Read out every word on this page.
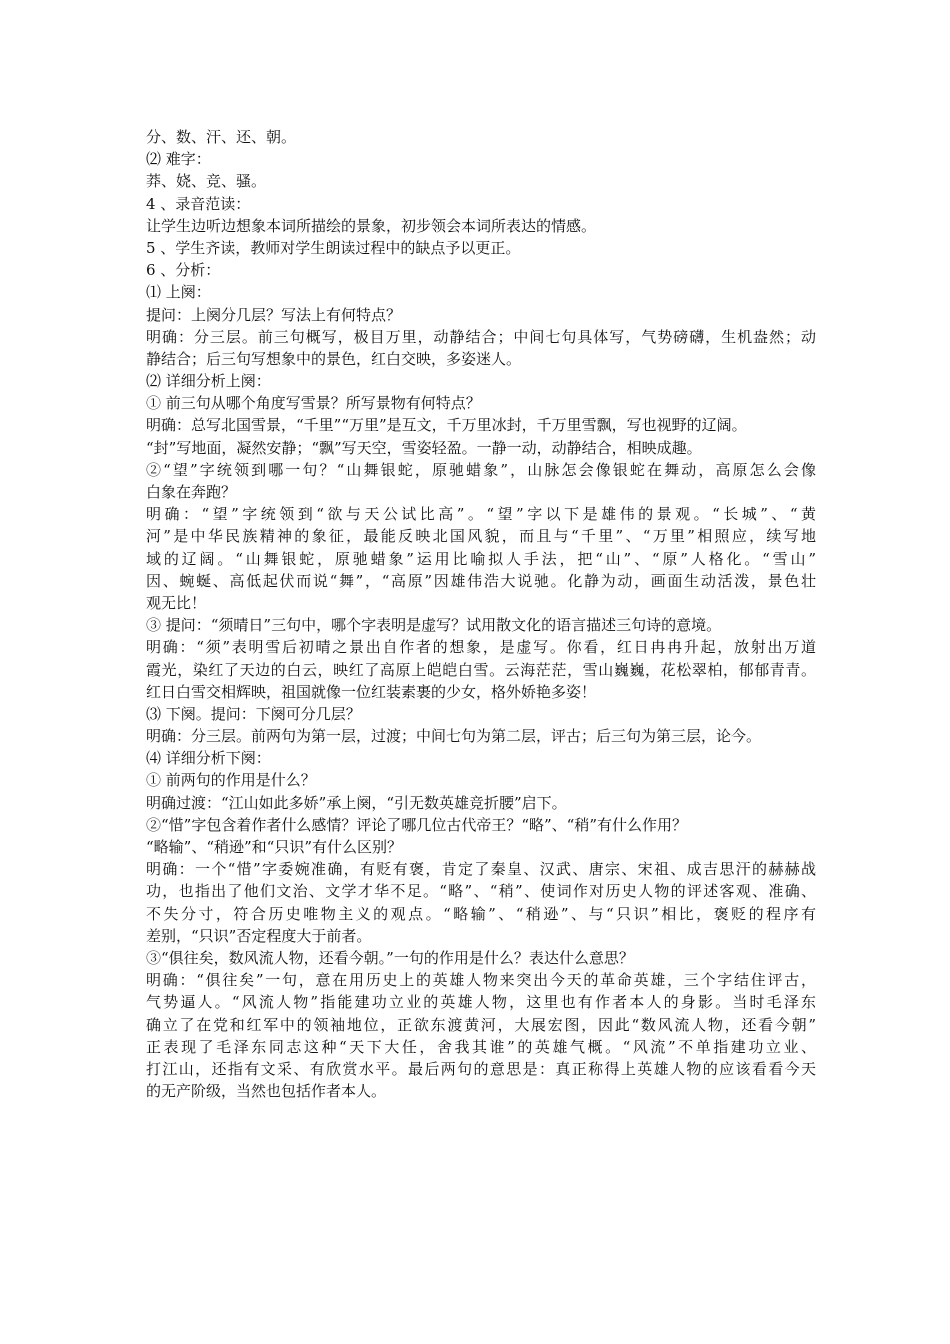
分、数、汗、还、朝。
⑵ 难字：
莽、娆、竞、骚。
4 、录音范读：
让学生边听边想象本词所描绘的景象，初步领会本词所表达的情感。
5 、学生齐读，教师对学生朗读过程中的缺点予以更正。
6 、分析：
⑴ 上阕：
提问：上阕分几层？写法上有何特点？
明确：分三层。前三句概写，极目万里，动静结合；中间七句具体写，气势磅礴，生机盎然；动
静结合；后三句写想象中的景色，红白交映，多姿迷人。
⑵ 详细分析上阕：
① 前三句从哪个角度写雪景？所写景物有何特点？
明确：总写北国雪景，“千里”“万里”是互文，千万里冰封，千万里雪飘，写也视野的辽阔。
“封”写地面，凝然安静；“飘”写天空，雪姿轻盈。一静一动，动静结合，相映成趣。
②“望”字统领到哪一句？“山舞银蛇，原驰蜡象”，山脉怎会像银蛇在舞动，高原怎么会像
白象在奔跑？
明确：“望”字统领到“欲与天公试比高”。“望”字以下是雄伟的景观。“长城”、“黄
河”是中华民族精神的象征，最能反映北国风貌，而且与“千里”、“万里”相照应，续写地
域的辽阔。“山舞银蛇，原驰蜡象”运用比喻拟人手法，把“山”、“原”人格化。“雪山”
因、蜿蜒、高低起伏而说“舞”，“高原”因雄伟浩大说驰。化静为动，画面生动活泼，景色壮
观无比！
③ 提问：“须晴日”三句中，哪个字表明是虚写？试用散文化的语言描述三句诗的意境。
明确：“须”表明雪后初晴之景出自作者的想象，是虚写。你看，红日冉冉升起，放射出万道
霞光，染红了天边的白云，映红了高原上皑皑白雪。云海茫茫，雪山巍巍，花松翠柏，郁郁青青。
红日白雪交相辉映，祖国就像一位红装素裹的少女，格外娇艳多姿！
⑶ 下阕。提问：下阕可分几层？
明确：分三层。前两句为第一层，过渡；中间七句为第二层，评古；后三句为第三层，论今。
⑷ 详细分析下阕：
① 前两句的作用是什么？
明确过渡：“江山如此多娇”承上阕，“引无数英雄竞折腰”启下。
②“惜”字包含着作者什么感情？评论了哪几位古代帝王？“略”、“稍”有什么作用？
“略输”、“稍逊”和“只识”有什么区别？
明确：一个“惜”字委婉准确，有贬有褒，肯定了秦皇、汉武、唐宗、宋祖、成吉思汗的赫赫战
功，也指出了他们文治、文学才华不足。“略”、“稍”、使词作对历史人物的评述客观、准确、
不失分寸，符合历史唯物主义的观点。“略输”、“稍逊”、与“只识”相比，褒贬的程序有
差别，“只识”否定程度大于前者。
③“俱往矣，数风流人物，还看今朝。”一句的作用是什么？表达什么意思？
明确：“俱往矣”一句，意在用历史上的英雄人物来突出今天的革命英雄，三个字结住评古，
气势逼人。“风流人物”指能建功立业的英雄人物，这里也有作者本人的身影。当时毛泽东
确立了在党和红军中的领袖地位，正欲东渡黄河，大展宏图，因此“数风流人物，还看今朝”
正表现了毛泽东同志这种“天下大任，舍我其谁”的英雄气概。“风流”不单指建功立业、
打江山，还指有文采、有欣赏水平。最后两句的意思是：真正称得上英雄人物的应该看看今天
的无产阶级，当然也包括作者本人。
